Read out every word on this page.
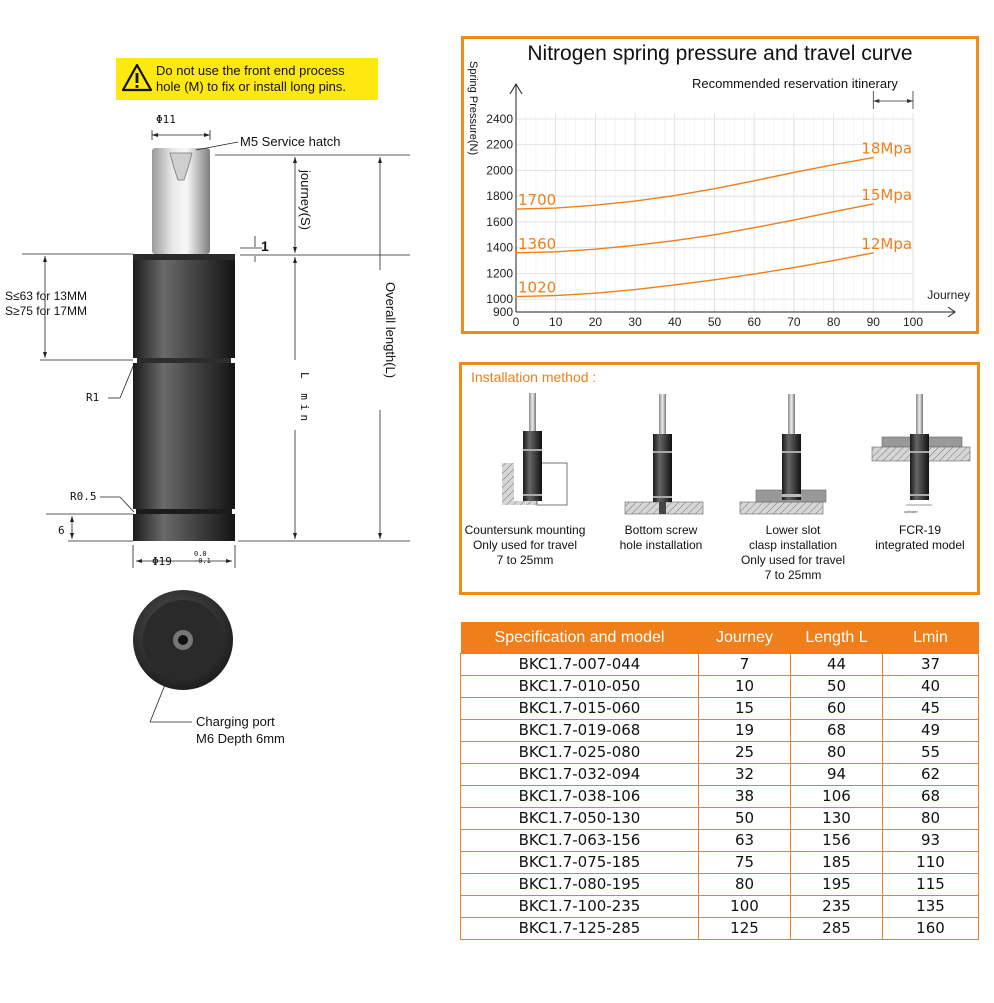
Do not use the front end process
hole (M) to fix or install long pins.
Φ11
M5 Service hatch
journey(S)
1
S≤63 for 13MM
S≥75 for 17MM	Overall length(L)
L min
R1
R0.5
6
Φ19
0.0
-0.1
Charging port
M6 Depth 6mm
Nitrogen spring pressure and travel curve
Recommended reservation itinerary
Spring Pressure(N)
0 10 20 30 40 50 60 70 80 90 100
900
1000
1200
1400
1600
1800
2000
2200
2400
Journey
1700
18Mpa
1360
15Mpa
1020
12Mpa
Installation method :
cylinder
Countersunk mounting
Only used for travel
7 to 25mm
Bottom screw
hole installation
Lower slot
clasp installation
Only used for travel
7 to 25mm
FCR-19
integrated model
Specification and model	Journey	Length L	Lmin
BKC1.7-007-044	7	44	37
BKC1.7-010-050	10	50	40
BKC1.7-015-060	15	60	45
BKC1.7-019-068	19	68	49
BKC1.7-025-080	25	80	55
BKC1.7-032-094	32	94	62
BKC1.7-038-106	38	106	68
BKC1.7-050-130	50	130	80
BKC1.7-063-156	63	156	93
BKC1.7-075-185	75	185	110
BKC1.7-080-195	80	195	115
BKC1.7-100-235	100	235	135
BKC1.7-125-285	125	285	160
